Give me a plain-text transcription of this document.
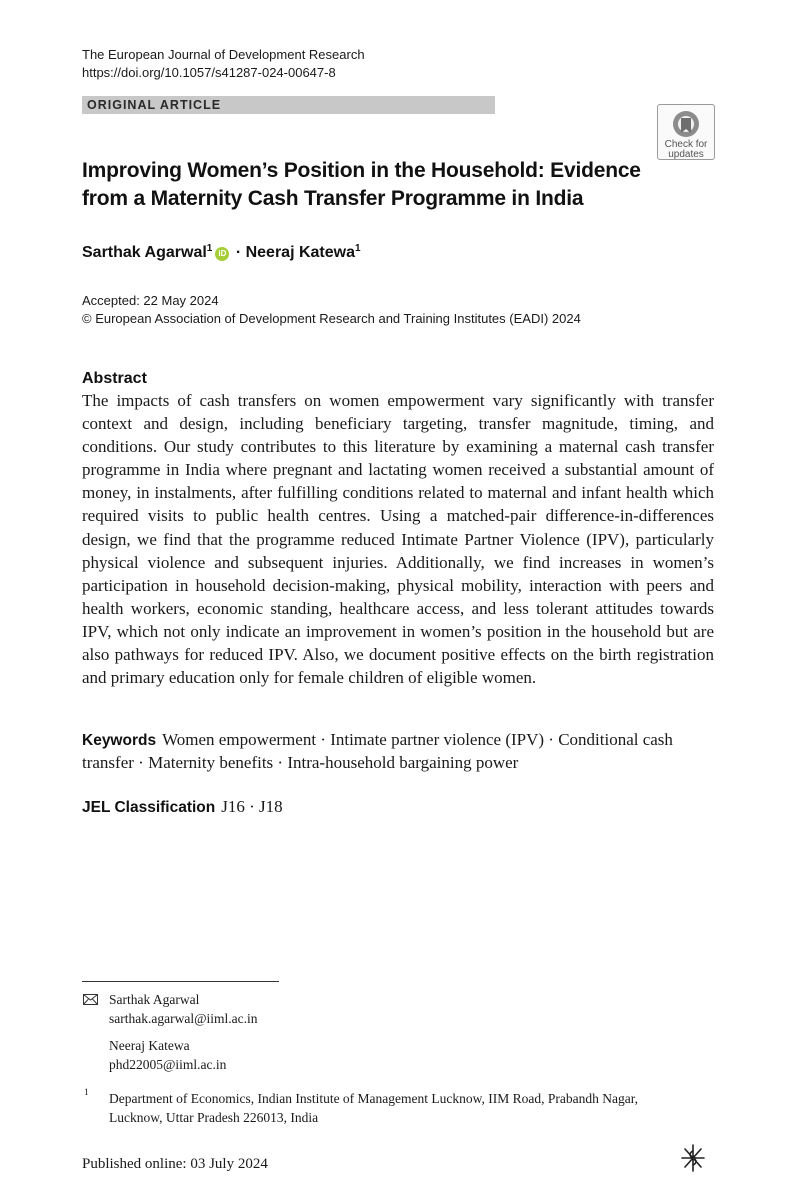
The European Journal of Development Research
https://doi.org/10.1057/s41287-024-00647-8
ORIGINAL ARTICLE
Check for
updates
Improving Women’s Position in the Household: Evidence from a Maternity Cash Transfer Programme in India
Sarthak Agarwal$^1$ iD · Neeraj Katewa$^1$
Accepted: 22 May 2024
© European Association of Development Research and Training Institutes (EADI) 2024
Abstract
The impacts of cash transfers on women empowerment vary significantly with transfer context and design, including beneficiary targeting, transfer magnitude, timing, and conditions. Our study contributes to this literature by examining a maternal cash transfer programme in India where pregnant and lactating women received a substantial amount of money, in instalments, after fulfilling conditions related to maternal and infant health which required visits to public health centres. Using a matched-pair difference-in-differences design, we find that the programme reduced Intimate Partner Violence (IPV), particularly physical violence and subsequent injuries. Additionally, we find increases in women’s participation in household decision-making, physical mobility, interaction with peers and health workers, economic standing, healthcare access, and less tolerant attitudes towards IPV, which not only indicate an improvement in women’s position in the household but are also pathways for reduced IPV. Also, we document positive effects on the birth registration and primary education only for female children of eligible women.
Keywords Women empowerment · Intimate partner violence (IPV) · Conditional cash transfer · Maternity benefits · Intra-household bargaining power
JEL Classification J16 · J18
Sarthak Agarwal
sarthak.agarwal@iiml.ac.in
Neeraj Katewa
phd22005@iiml.ac.in
1 Department of Economics, Indian Institute of Management Lucknow, IIM Road, Prabandh Nagar, Lucknow, Uttar Pradesh 226013, India
Published online: 03 July 2024
